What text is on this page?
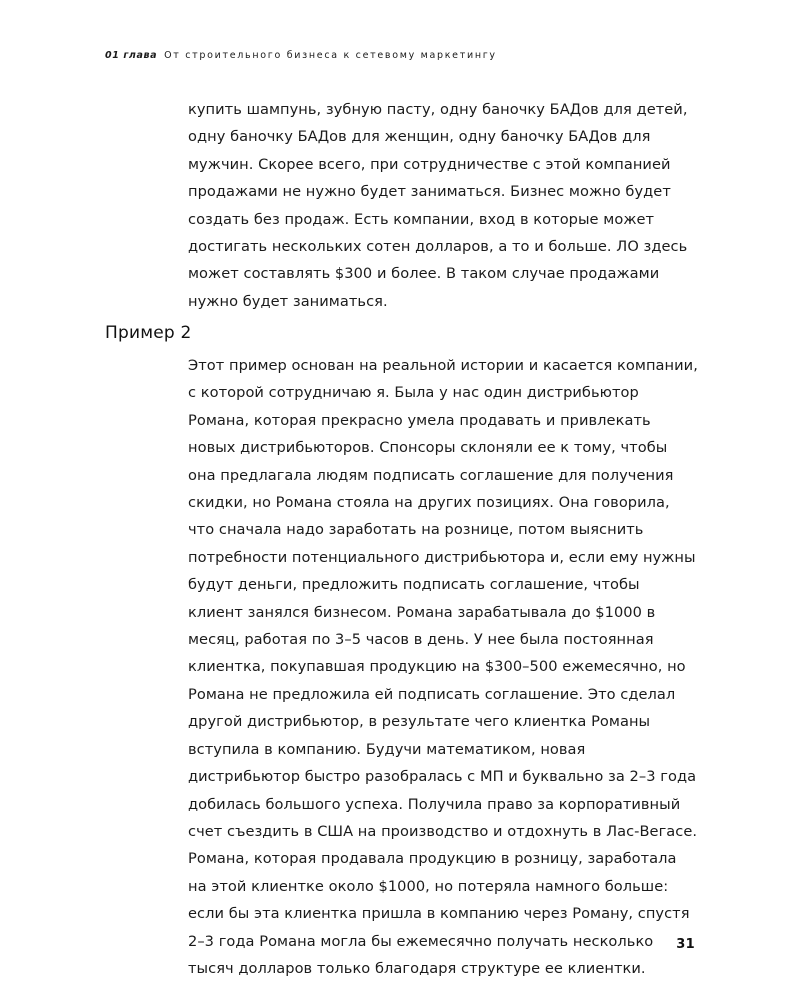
01 глава От строительного бизнеса к сетевому маркетингу

купить шампунь, зубную пасту, одну баночку БАДов для детей, одну баночку БАДов для женщин, одну баночку БАДов для мужчин. Скорее всего, при сотрудничестве с этой компанией продажами не нужно будет заниматься. Бизнес можно будет создать без продаж. Есть компании, вход в которые может достигать нескольких сотен долларов, а то и больше. ЛО здесь может составлять $300 и более. В таком случае продажами нужно будет заниматься.

Пример 2

Этот пример основан на реальной истории и касается компании, с которой сотрудничаю я. Была у нас один дистрибьютор Романа, которая прекрасно умела продавать и привлекать новых дистрибьюторов. Спонсоры склоняли ее к тому, чтобы она предлагала людям подписать соглашение для получения скидки, но Романа стояла на других позициях. Она говорила, что сначала надо заработать на рознице, потом выяснить потребности потенциального дистрибьютора и, если ему нужны будут деньги, предложить подписать соглашение, чтобы клиент занялся бизнесом. Романа зарабатывала до $1000 в месяц, работая по 3–5 часов в день. У нее была постоянная клиентка, покупавшая продукцию на $300–500 ежемесячно, но Романа не предложила ей подписать соглашение. Это сделал другой дистрибьютор, в результате чего клиентка Романы вступила в компанию. Будучи математиком, новая дистрибьютор быстро разобралась с МП и буквально за 2–3 года добилась большого успеха. Получила право за корпоративный счет съездить в США на производство и отдохнуть в Лас-Вегасе. Романа, которая продавала продукцию в розницу, заработала на этой клиентке около $1000, но потеряла намного больше: если бы эта клиентка пришла в компанию через Роману, спустя 2–3 года Романа могла бы ежемесячно получать несколько тысяч долларов только благодаря структуре ее клиентки.

31
